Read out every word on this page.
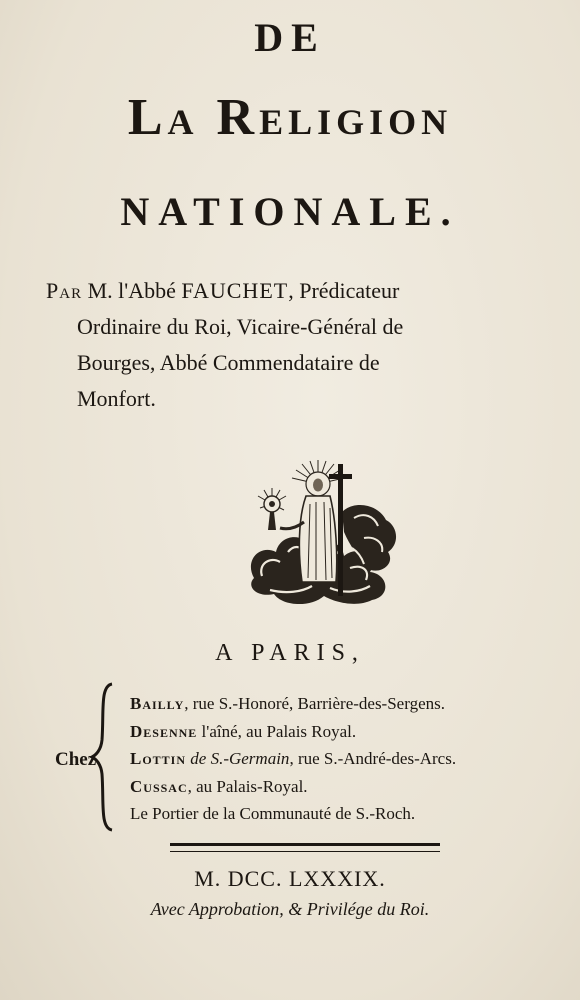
DE
La Religion
NATIONALE.
Par M. l'Abbé FAUCHET, Prédicateur
Ordinaire du Roi, Vicaire-Général de
Bourges, Abbé Commendataire de
Monfort.
A PARIS,
Chez
Bailly, rue S.-Honoré, Barrière-des-Sergens.
Desenne l'aîné, au Palais Royal.
Lottin de S.-Germain, rue S.-André-des-Arcs.
Cussac, au Palais-Royal.
Le Portier de la Communauté de S.-Roch.
M. DCC. LXXXIX.
Avec Approbation, & Privilége du Roi.
